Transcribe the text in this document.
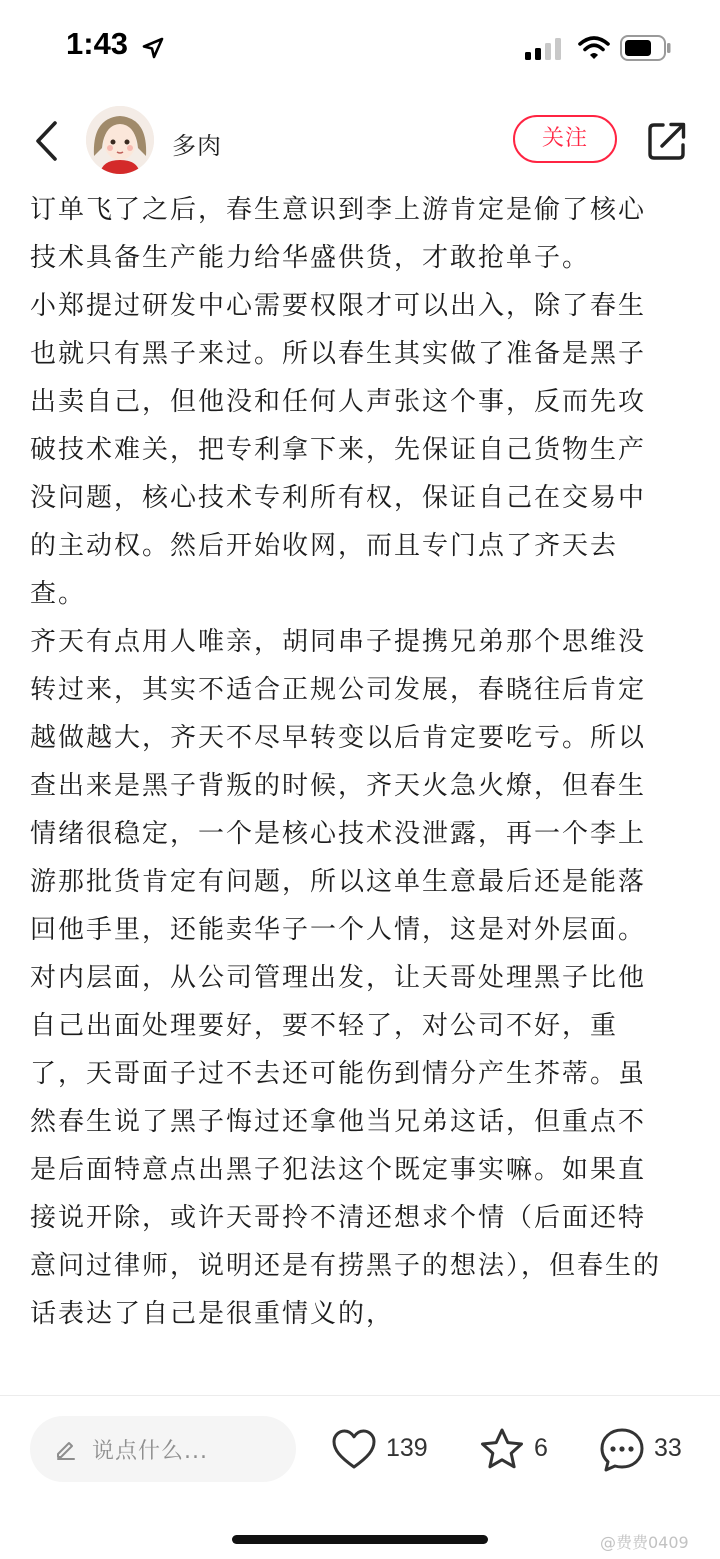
1:43
多肉	关注

订单飞了之后，春生意识到李上游肯定是偷了核心技术具备生产能力给华盛供货，才敢抢单子。

小郑提过研发中心需要权限才可以出入，除了春生也就只有黑子来过。所以春生其实做了准备是黑子出卖自己，但他没和任何人声张这个事，反而先攻破技术难关，把专利拿下来，先保证自己货物生产没问题，核心技术专利所有权，保证自己在交易中的主动权。然后开始收网，而且专门点了齐天去查。

齐天有点用人唯亲，胡同串子提携兄弟那个思维没转过来，其实不适合正规公司发展，春晓往后肯定越做越大，齐天不尽早转变以后肯定要吃亏。所以查出来是黑子背叛的时候，齐天火急火燎，但春生情绪很稳定，一个是核心技术没泄露，再一个李上游那批货肯定有问题，所以这单生意最后还是能落回他手里，还能卖华子一个人情，这是对外层面。

对内层面，从公司管理出发，让天哥处理黑子比他自己出面处理要好，要不轻了，对公司不好，重了，天哥面子过不去还可能伤到情分产生芥蒂。虽然春生说了黑子悔过还拿他当兄弟这话，但重点不是后面特意点出黑子犯法这个既定事实嘛。如果直接说开除，或许天哥拎不清还想求个情（后面还特意问过律师，说明还是有捞黑子的想法），但春生的话表达了自己是很重情义的，

说点什么...	139	6	33
@费费0409
